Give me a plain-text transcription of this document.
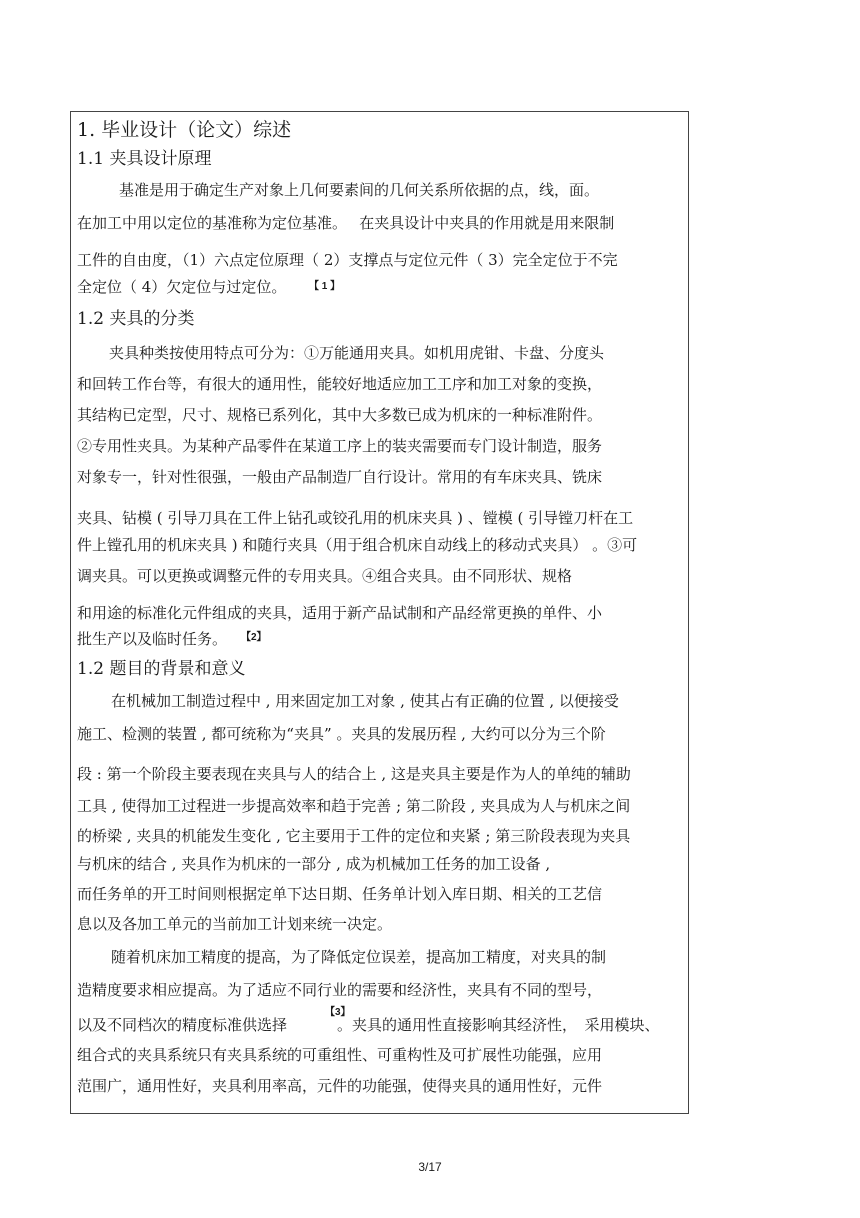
1. 毕业设计（论文）综述
1.1 夹具设计原理
基准是用于确定生产对象上几何要素间的几何关系所依据的点，线，面。
在加工中用以定位的基准称为定位基准。　 在夹具设计中夹具的作用就是用来限制
工件的自由度，（1）六点定位原理（ 2）支撑点与定位元件（ 3）完全定位于不完
全定位（ 4）欠定位与过定位。 【 1 】
1.2 夹具的分类
夹具种类按使用特点可分为：①万能通用夹具。如机用虎钳、卡盘、分度头
和回转工作台等，有很大的通用性，能较好地适应加工工序和加工对象的变换，
其结构已定型，尺寸、规格已系列化，其中大多数已成为机床的一种标准附件。
②专用性夹具。为某种产品零件在某道工序上的装夹需要而专门设计制造，服务
对象专一，针对性很强，一般由产品制造厂自行设计。常用的有车床夹具、铣床
夹具、钻模 ( 引导刀具在工件上钻孔或铰孔用的机床夹具 ) 、镗模 ( 引导镗刀杆在工
件上镗孔用的机床夹具 ) 和随行夹具（用于组合机床自动线上的移动式夹具） 。③可
调夹具。可以更换或调整元件的专用夹具。④组合夹具。由不同形状、规格
和用途的标准化元件组成的夹具，适用于新产品试制和产品经常更换的单件、小
批生产以及临时任务。 【2】
1.2 题目的背景和意义
在机械加工制造过程中 , 用来固定加工对象 , 使其占有正确的位置 , 以便接受
施工、检测的装置 , 都可统称为“夹具” 。夹具的发展历程 , 大约可以分为三个阶
段 : 第一个阶段主要表现在夹具与人的结合上 , 这是夹具主要是作为人的单纯的辅助
工具 , 使得加工过程进一步提高效率和趋于完善 ; 第二阶段 , 夹具成为人与机床之间
的桥梁 , 夹具的机能发生变化 , 它主要用于工件的定位和夹紧 ; 第三阶段表现为夹具
与机床的结合 , 夹具作为机床的一部分 , 成为机械加工任务的加工设备 ,
而任务单的开工时间则根据定单下达日期、任务单计划入库日期、相关的工艺信
息以及各加工单元的当前加工计划来统一决定。
随着机床加工精度的提高，为了降低定位误差，提高加工精度，对夹具的制
造精度要求相应提高。为了适应不同行业的需要和经济性，夹具有不同的型号，
以及不同档次的精度标准供选择
【3】
。夹具的通用性直接影响其经济性，　采用模块、
组合式的夹具系统只有夹具系统的可重组性、可重构性及可扩展性功能强，应用
范围广，通用性好，夹具利用率高，元件的功能强，使得夹具的通用性好，元件
3/17
